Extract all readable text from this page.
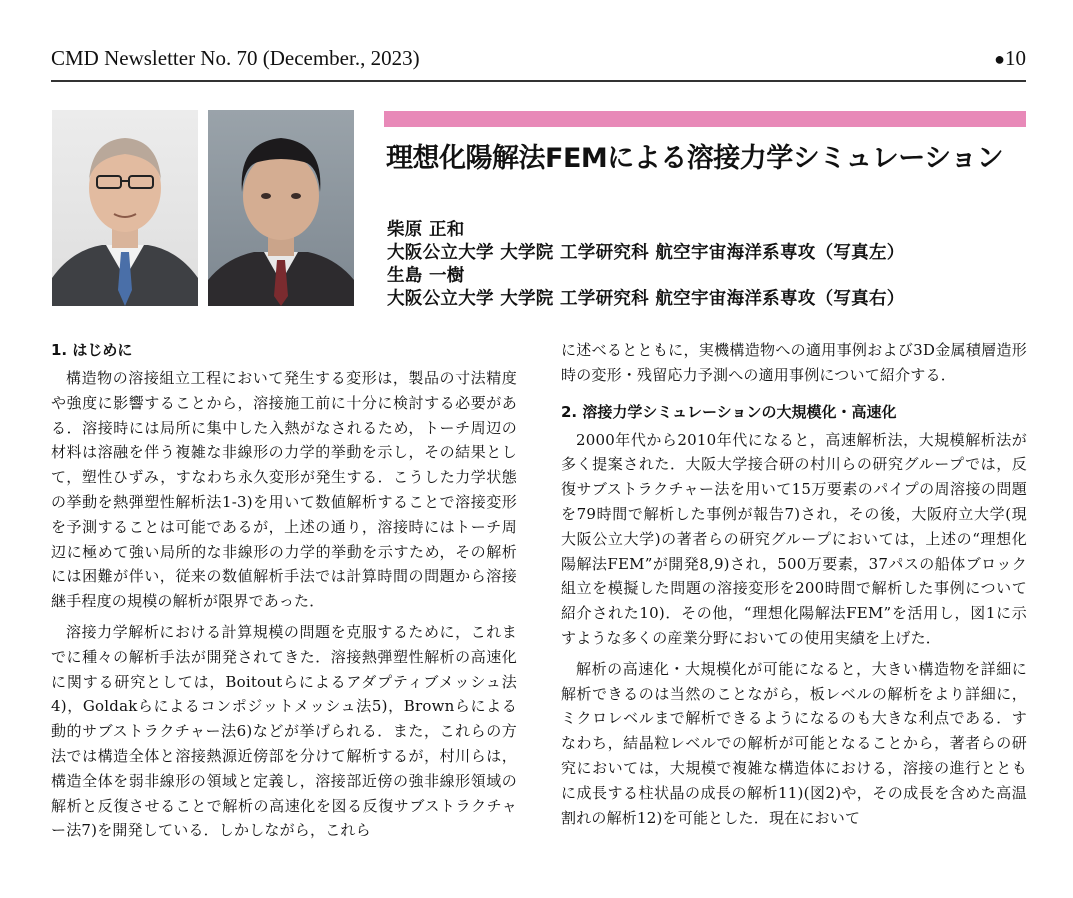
CMD Newsletter No. 70 (December., 2023)	●10
理想化陽解法FEMによる溶接力学シミュレーション
柴原 正和
大阪公立大学 大学院 工学研究科 航空宇宙海洋系専攻（写真左）
生島 一樹
大阪公立大学 大学院 工学研究科 航空宇宙海洋系専攻（写真右）
1. はじめに

構造物の溶接組立工程において発生する変形は，製品の寸法精度や強度に影響することから，溶接施工前に十分に検討する必要がある．溶接時には局所に集中した入熱がなされるため，トーチ周辺の材料は溶融を伴う複雑な非線形の力学的挙動を示し，その結果として，塑性ひずみ，すなわち永久変形が発生する．こうした力学状態の挙動を熱弾塑性解析法1-3)を用いて数値解析することで溶接変形を予測することは可能であるが，上述の通り，溶接時にはトーチ周辺に極めて強い局所的な非線形の力学的挙動を示すため，その解析には困難が伴い，従来の数値解析手法では計算時間の問題から溶接継手程度の規模の解析が限界であった．

溶接力学解析における計算規模の問題を克服するために，これまでに種々の解析手法が開発されてきた．溶接熱弾塑性解析の高速化に関する研究としては，Boitoutらによるアダプティブメッシュ法4)，Goldakらによるコンポジットメッシュ法5)，Brownらによる動的サブストラクチャー法6)などが挙げられる．また，これらの方法では構造全体と溶接熱源近傍部を分けて解析するが，村川らは，構造全体を弱非線形の領域と定義し，溶接部近傍の強非線形領域の解析と反復させることで解析の高速化を図る反復サブストラクチャー法7)を開発している．しかしながら，これら

に述べるとともに，実機構造物への適用事例および3D金属積層造形時の変形・残留応力予測への適用事例について紹介する．

2. 溶接力学シミュレーションの大規模化・高速化

2000年代から2010年代になると，高速解析法，大規模解析法が多く提案された．大阪大学接合研の村川らの研究グループでは，反復サブストラクチャー法を用いて15万要素のパイプの周溶接の問題を79時間で解析した事例が報告7)され，その後，大阪府立大学(現大阪公立大学)の著者らの研究グループにおいては，上述の“理想化陽解法FEM”が開発8,9)され，500万要素，37パスの船体ブロック組立を模擬した問題の溶接変形を200時間で解析した事例について紹介された10)．その他，“理想化陽解法FEM”を活用し，図1に示すような多くの産業分野においての使用実績を上げた．

解析の高速化・大規模化が可能になると，大きい構造物を詳細に解析できるのは当然のことながら，板レベルの解析をより詳細に，ミクロレベルまで解析できるようになるのも大きな利点である．すなわち，結晶粒レベルでの解析が可能となることから，著者らの研究においては，大規模で複雑な構造体における，溶接の進行とともに成長する柱状晶の成長の解析11)(図2)や，その成長を含めた高温割れの解析12)を可能とした．現在において
